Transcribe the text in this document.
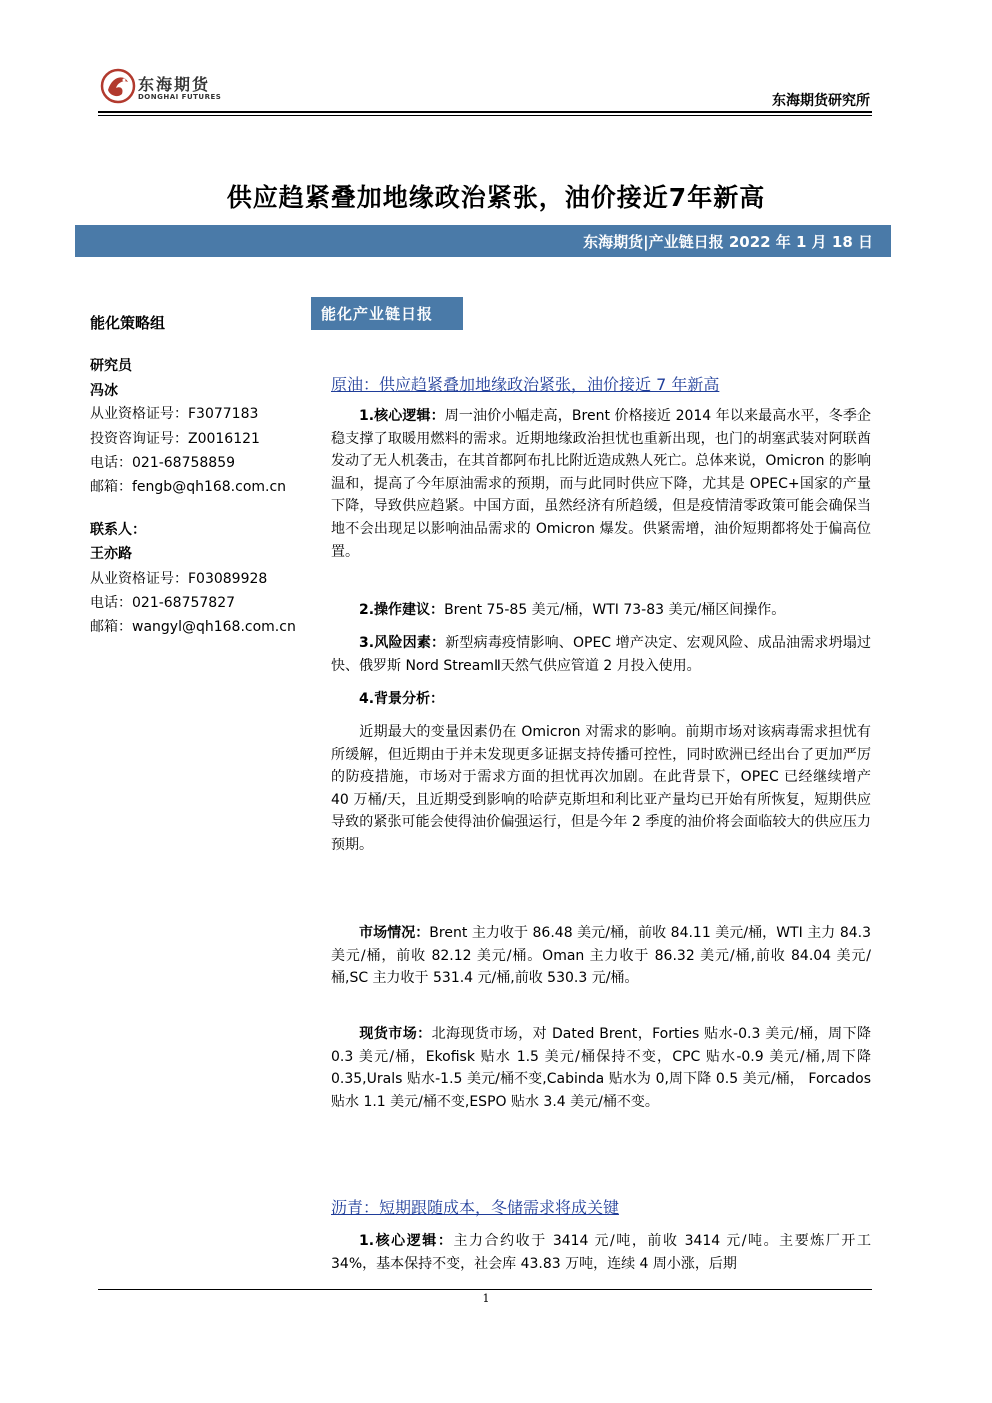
东海期货
DONGHAI FUTURES	东海期货研究所
供应趋紧叠加地缘政治紧张，油价接近7年新高
东海期货|产业链日报 2022 年 1 月 18 日
能化策略组
研究员
冯冰
从业资格证号：F3077183
投资咨询证号：Z0016121
电话：021-68758859
邮箱：fengb@qh168.com.cn
联系人：
王亦路
从业资格证号：F03089928
电话：021-68757827
邮箱：wangyl@qh168.com.cn
能化产业链日报
原油：供应趋紧叠加地缘政治紧张，油价接近 7 年新高
1.核心逻辑：周一油价小幅走高，Brent 价格接近 2014 年以来最高水平，冬季企稳支撑了取暖用燃料的需求。近期地缘政治担忧也重新出现，也门的胡塞武装对阿联酋发动了无人机袭击，在其首都阿布扎比附近造成熟人死亡。总体来说，Omicron 的影响温和，提高了今年原油需求的预期，而与此同时供应下降，尤其是 OPEC+国家的产量下降，导致供应趋紧。中国方面，虽然经济有所趋缓，但是疫情清零政策可能会确保当地不会出现足以影响油品需求的 Omicron 爆发。供紧需增，油价短期都将处于偏高位置。
2.操作建议：Brent 75-85 美元/桶，WTI 73-83 美元/桶区间操作。
3.风险因素：新型病毒疫情影响、OPEC 增产决定、宏观风险、成品油需求坍塌过快、俄罗斯 Nord StreamⅡ天然气供应管道 2 月投入使用。
4.背景分析：
近期最大的变量因素仍在 Omicron 对需求的影响。前期市场对该病毒需求担忧有所缓解，但近期由于并未发现更多证据支持传播可控性，同时欧洲已经出台了更加严厉的防疫措施，市场对于需求方面的担忧再次加剧。在此背景下，OPEC 已经继续增产 40 万桶/天，且近期受到影响的哈萨克斯坦和利比亚产量均已开始有所恢复，短期供应导致的紧张可能会使得油价偏强运行，但是今年 2 季度的油价将会面临较大的供应压力预期。
市场情况：Brent 主力收于 86.48 美元/桶，前收 84.11 美元/桶，WTI 主力 84.3 美元/桶，前收 82.12 美元/桶。Oman 主力收于 86.32 美元/桶,前收 84.04 美元/桶,SC 主力收于 531.4 元/桶,前收 530.3 元/桶。
现货市场：北海现货市场，对 Dated Brent，Forties 贴水-0.3 美元/桶，周下降 0.3 美元/桶，Ekofisk 贴水 1.5 美元/桶保持不变，CPC 贴水-0.9 美元/桶,周下降 0.35,Urals 贴水-1.5 美元/桶不变,Cabinda 贴水为 0,周下降 0.5 美元/桶， Forcados 贴水 1.1 美元/桶不变,ESPO 贴水 3.4 美元/桶不变。
沥青：短期跟随成本，冬储需求将成关键
1.核心逻辑：主力合约收于 3414 元/吨，前收 3414 元/吨。主要炼厂开工 34%，基本保持不变，社会库 43.83 万吨，连续 4 周小涨，后期
1
